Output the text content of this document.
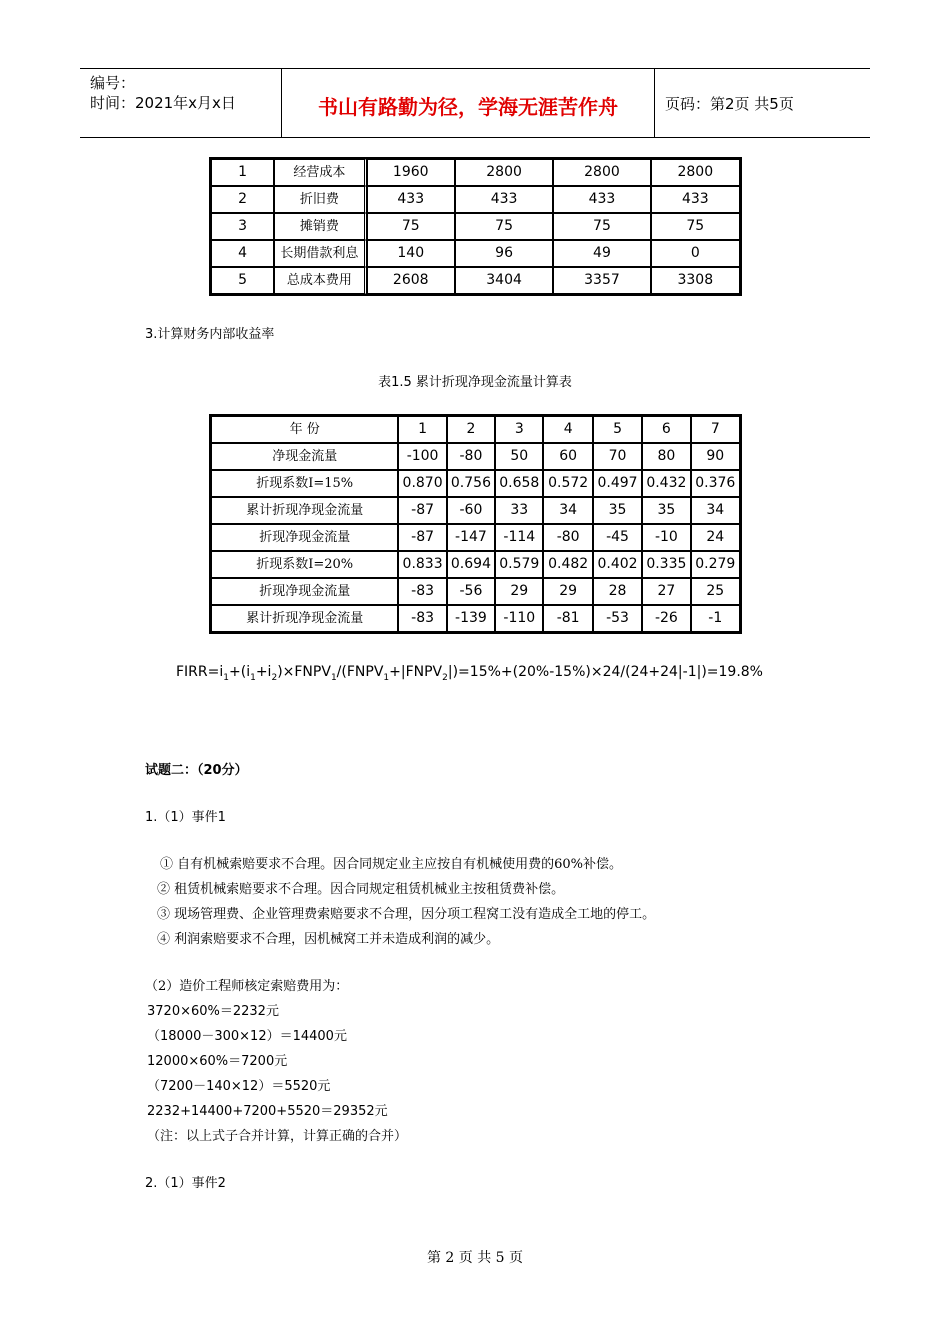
编号：
时间：2021年x月x日	书山有路勤为径，学海无涯苦作舟	页码：第2页 共5页
1	经营成本	1960	2800	2800	2800
2	折旧费	433	433	433	433
3	摊销费	75	75	75	75
4	长期借款利息	140	96	49	0
5	总成本费用	2608	3404	3357	3308
3.计算财务内部收益率
表1.5 累计折现净现金流量计算表
年 份	1	2	3	4	5	6	7
净现金流量	-100	-80	50	60	70	80	90
折现系数I=15%	0.870	0.756	0.658	0.572	0.497	0.432	0.376
累计折现净现金流量	-87	-60	33	34	35	35	34
折现净现金流量	-87	-147	-114	-80	-45	-10	24
折现系数I=20%	0.833	0.694	0.579	0.482	0.402	0.335	0.279
折现净现金流量	-83	-56	29	29	28	27	25
累计折现净现金流量	-83	-139	-110	-81	-53	-26	-1
$FIRR=i_1+(i_1+i_2)\times FNPV_1/(FNPV_1+|FNPV_2|)=15\%+(20\%-15\%)\times 24/(24+24|-1|)=19.8\%$
试题二：（20分）
1.（1）事件1
① 自有机械索赔要求不合理。因合同规定业主应按自有机械使用费的60%补偿。
② 租赁机械索赔要求不合理。因合同规定租赁机械业主按租赁费补偿。
③ 现场管理费、企业管理费索赔要求不合理，因分项工程窝工没有造成全工地的停工。
④ 利润索赔要求不合理，因机械窝工并未造成利润的减少。
（2）造价工程师核定索赔费用为：
3720×60%＝2232元
（18000－300×12）＝14400元
12000×60%＝7200元
（7200－140×12）＝5520元
2232+14400+7200+5520＝29352元
（注：以上式子合并计算，计算正确的合并）
2.（1）事件2
第 2 页 共 5 页
